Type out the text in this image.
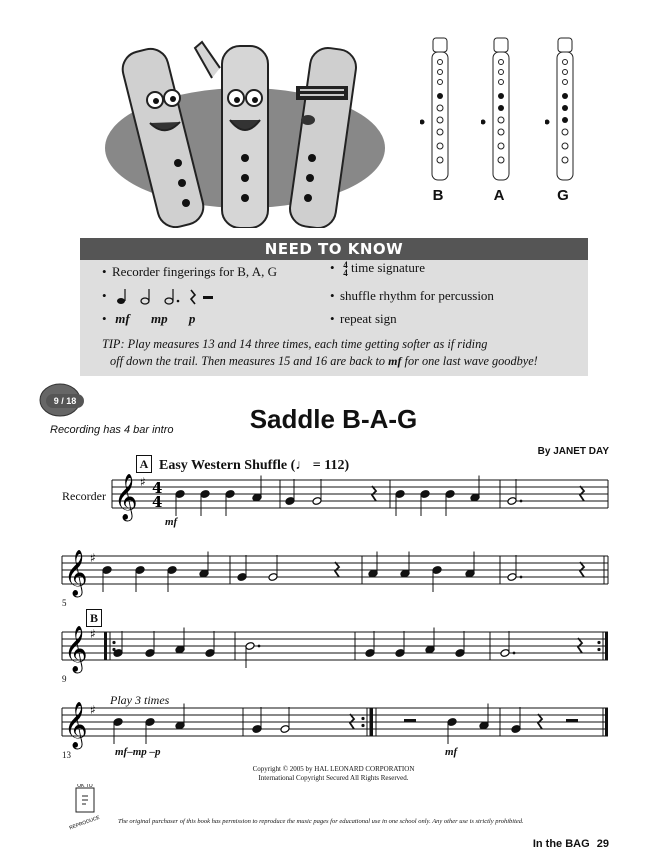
B	A	G
NEED TO KNOW
• Recorder fingerings for B, A, G
•
• mf mp p
• 4
4 time signature
• shuffle rhythm for percussion
• repeat sign
TIP: Play measures 13 and 14 three times, each time getting softer as if riding
off down the trail. Then measures 15 and 16 are back to mf for one last wave goodbye!
9 / 18
Recording has 4 bar intro	Saddle B-A-G
By JANET DAY
A Easy Western Shuffle (♩ = 112)
Recorder
B
Play 3 times
5
9
13
mf
mf–mp –p	mf
𝄞 ♯ 4
4
𝄞 ♯
𝄞 ♯
𝄞 ♯
Copyright © 2005 by HAL LEONARD CORPORATION
International Copyright Secured All Rights Reserved.
OK TO
REPRODUCE	The original purchaser of this book has permission to reproduce the music pages for educational use in one school only. Any other use is strictly prohibited.
In the BAG 29
